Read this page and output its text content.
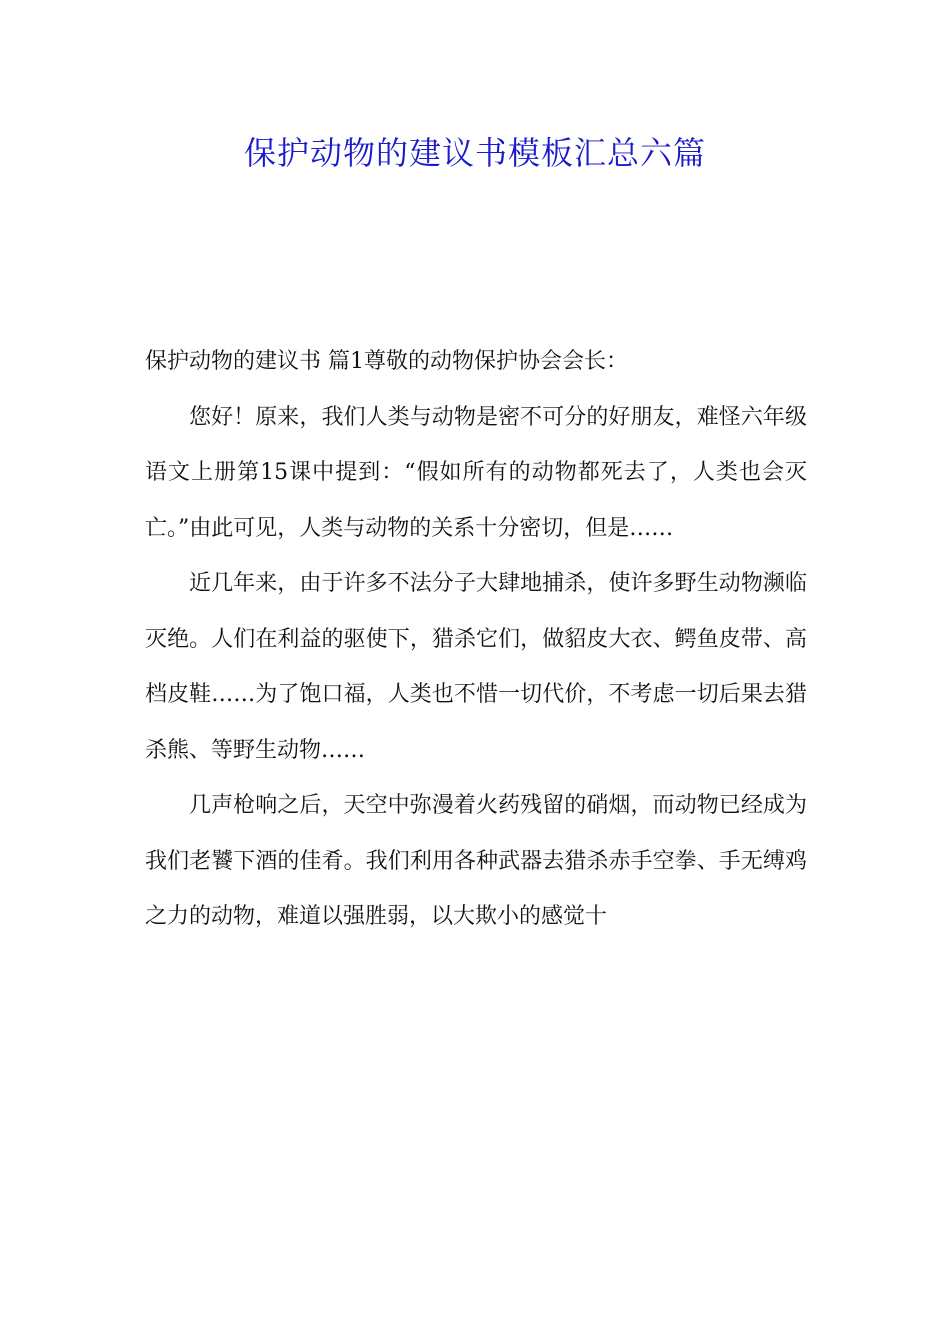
保护动物的建议书模板汇总六篇

保护动物的建议书 篇1尊敬的动物保护协会会长：

您好！原来，我们人类与动物是密不可分的好朋友，难怪六年级语文上册第15课中提到：“假如所有的动物都死去了，人类也会灭亡。”由此可见，人类与动物的关系十分密切，但是……

近几年来，由于许多不法分子大肆地捕杀，使许多野生动物濒临灭绝。人们在利益的驱使下，猎杀它们，做貂皮大衣、鳄鱼皮带、高档皮鞋……为了饱口福，人类也不惜一切代价，不考虑一切后果去猎杀熊、等野生动物……

几声枪响之后，天空中弥漫着火药残留的硝烟，而动物已经成为我们老饕下酒的佳肴。我们利用各种武器去猎杀赤手空拳、手无缚鸡之力的动物，难道以强胜弱，以大欺小的感觉十
